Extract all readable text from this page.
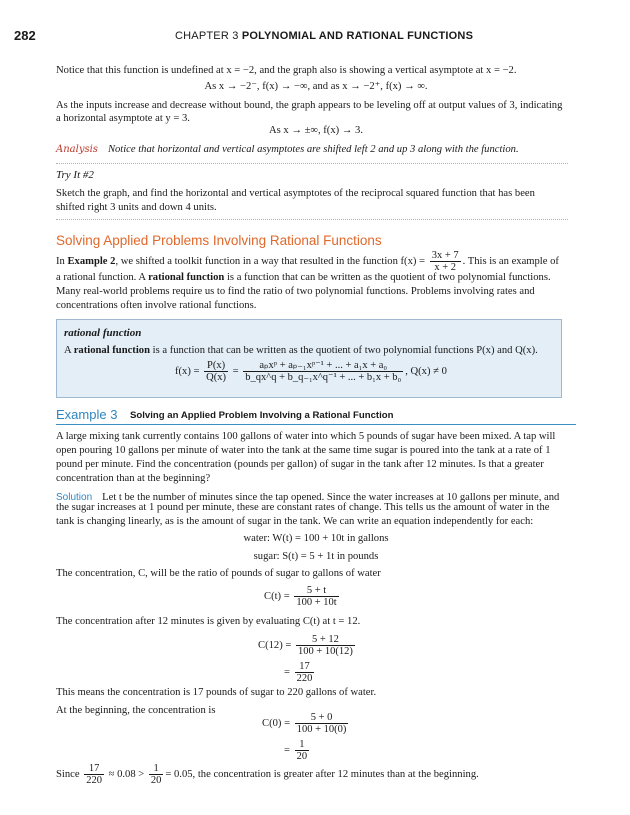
282	CHAPTER 3 POLYNOMIAL AND RATIONAL FUNCTIONS
Notice that this function is undefined at x = −2, and the graph also is showing a vertical asymptote at x = −2.
As x → −2⁻, f(x) → −∞, and as x → −2⁺, f(x) → ∞.
As the inputs increase and decrease without bound, the graph appears to be leveling off at output values of 3, indicating
a horizontal asymptote at y = 3.
As x → ±∞, f(x) → 3.
Analysis Notice that horizontal and vertical asymptotes are shifted left 2 and up 3 along with the function.
Try It #2
Sketch the graph, and find the horizontal and vertical asymptotes of the reciprocal squared function that has been
shifted right 3 units and down 4 units.
Solving Applied Problems Involving Rational Functions
In Example 2, we shifted a toolkit function in a way that resulted in the function $f(x) = \frac{3x + 7}{x + 2}$ . This is an example of
a rational function. A rational function is a function that can be written as the quotient of two polynomial functions.
Many real-world problems require us to find the ratio of two polynomial functions. Problems involving rates and
concentrations often involve rational functions.
rational function
A rational function is a function that can be written as the quotient of two polynomial functions P(x) and Q(x).
$f(x) = \frac{P(x)}{Q(x)} = \frac{\text{aₚxᵖ + aₚ₋₁xᵖ⁻¹ + ... + a₁x + a₀}}{\text{b\_qx\textasciicircum{}q + b\_q₋₁x\textasciicircum{}q⁻¹ + ... + b₁x + b₀}}$ , Q(x) ≠ 0
Example 3 Solving an Applied Problem Involving a Rational Function
A large mixing tank currently contains 100 gallons of water into which 5 pounds of sugar have been mixed. A tap will
open pouring 10 gallons per minute of water into the tank at the same time sugar is poured into the tank at a rate of 1
pound per minute. Find the concentration (pounds per gallon) of sugar in the tank after 12 minutes. Is that a greater
concentration than at the beginning?
Solution Let t be the number of minutes since the tap opened. Since the water increases at 10 gallons per minute, and
the sugar increases at 1 pound per minute, these are constant rates of change. This tells us the amount of water in the
tank is changing linearly, as is the amount of sugar in the tank. We can write an equation independently for each:
water: W(t) = 100 + 10t in gallons
sugar: S(t) = 5 + 1t in pounds
The concentration, C, will be the ratio of pounds of sugar to gallons of water
$C(t) = \frac{5 + t}{100 + 10t}$
The concentration after 12 minutes is given by evaluating C(t) at t = 12.
$C(12) = \frac{5 + 12}{100 + 10(12)}$
= $\frac{17}{220}$
This means the concentration is 17 pounds of sugar to 220 gallons of water.
At the beginning, the concentration is
$C(0) = \frac{5 + 0}{100 + 10(0)}$
= $\frac{1}{20}$
Since $\frac{17}{220} \approx 0.08 > \frac{1}{20} = 0.05$, the concentration is greater after 12 minutes than at the beginning.
